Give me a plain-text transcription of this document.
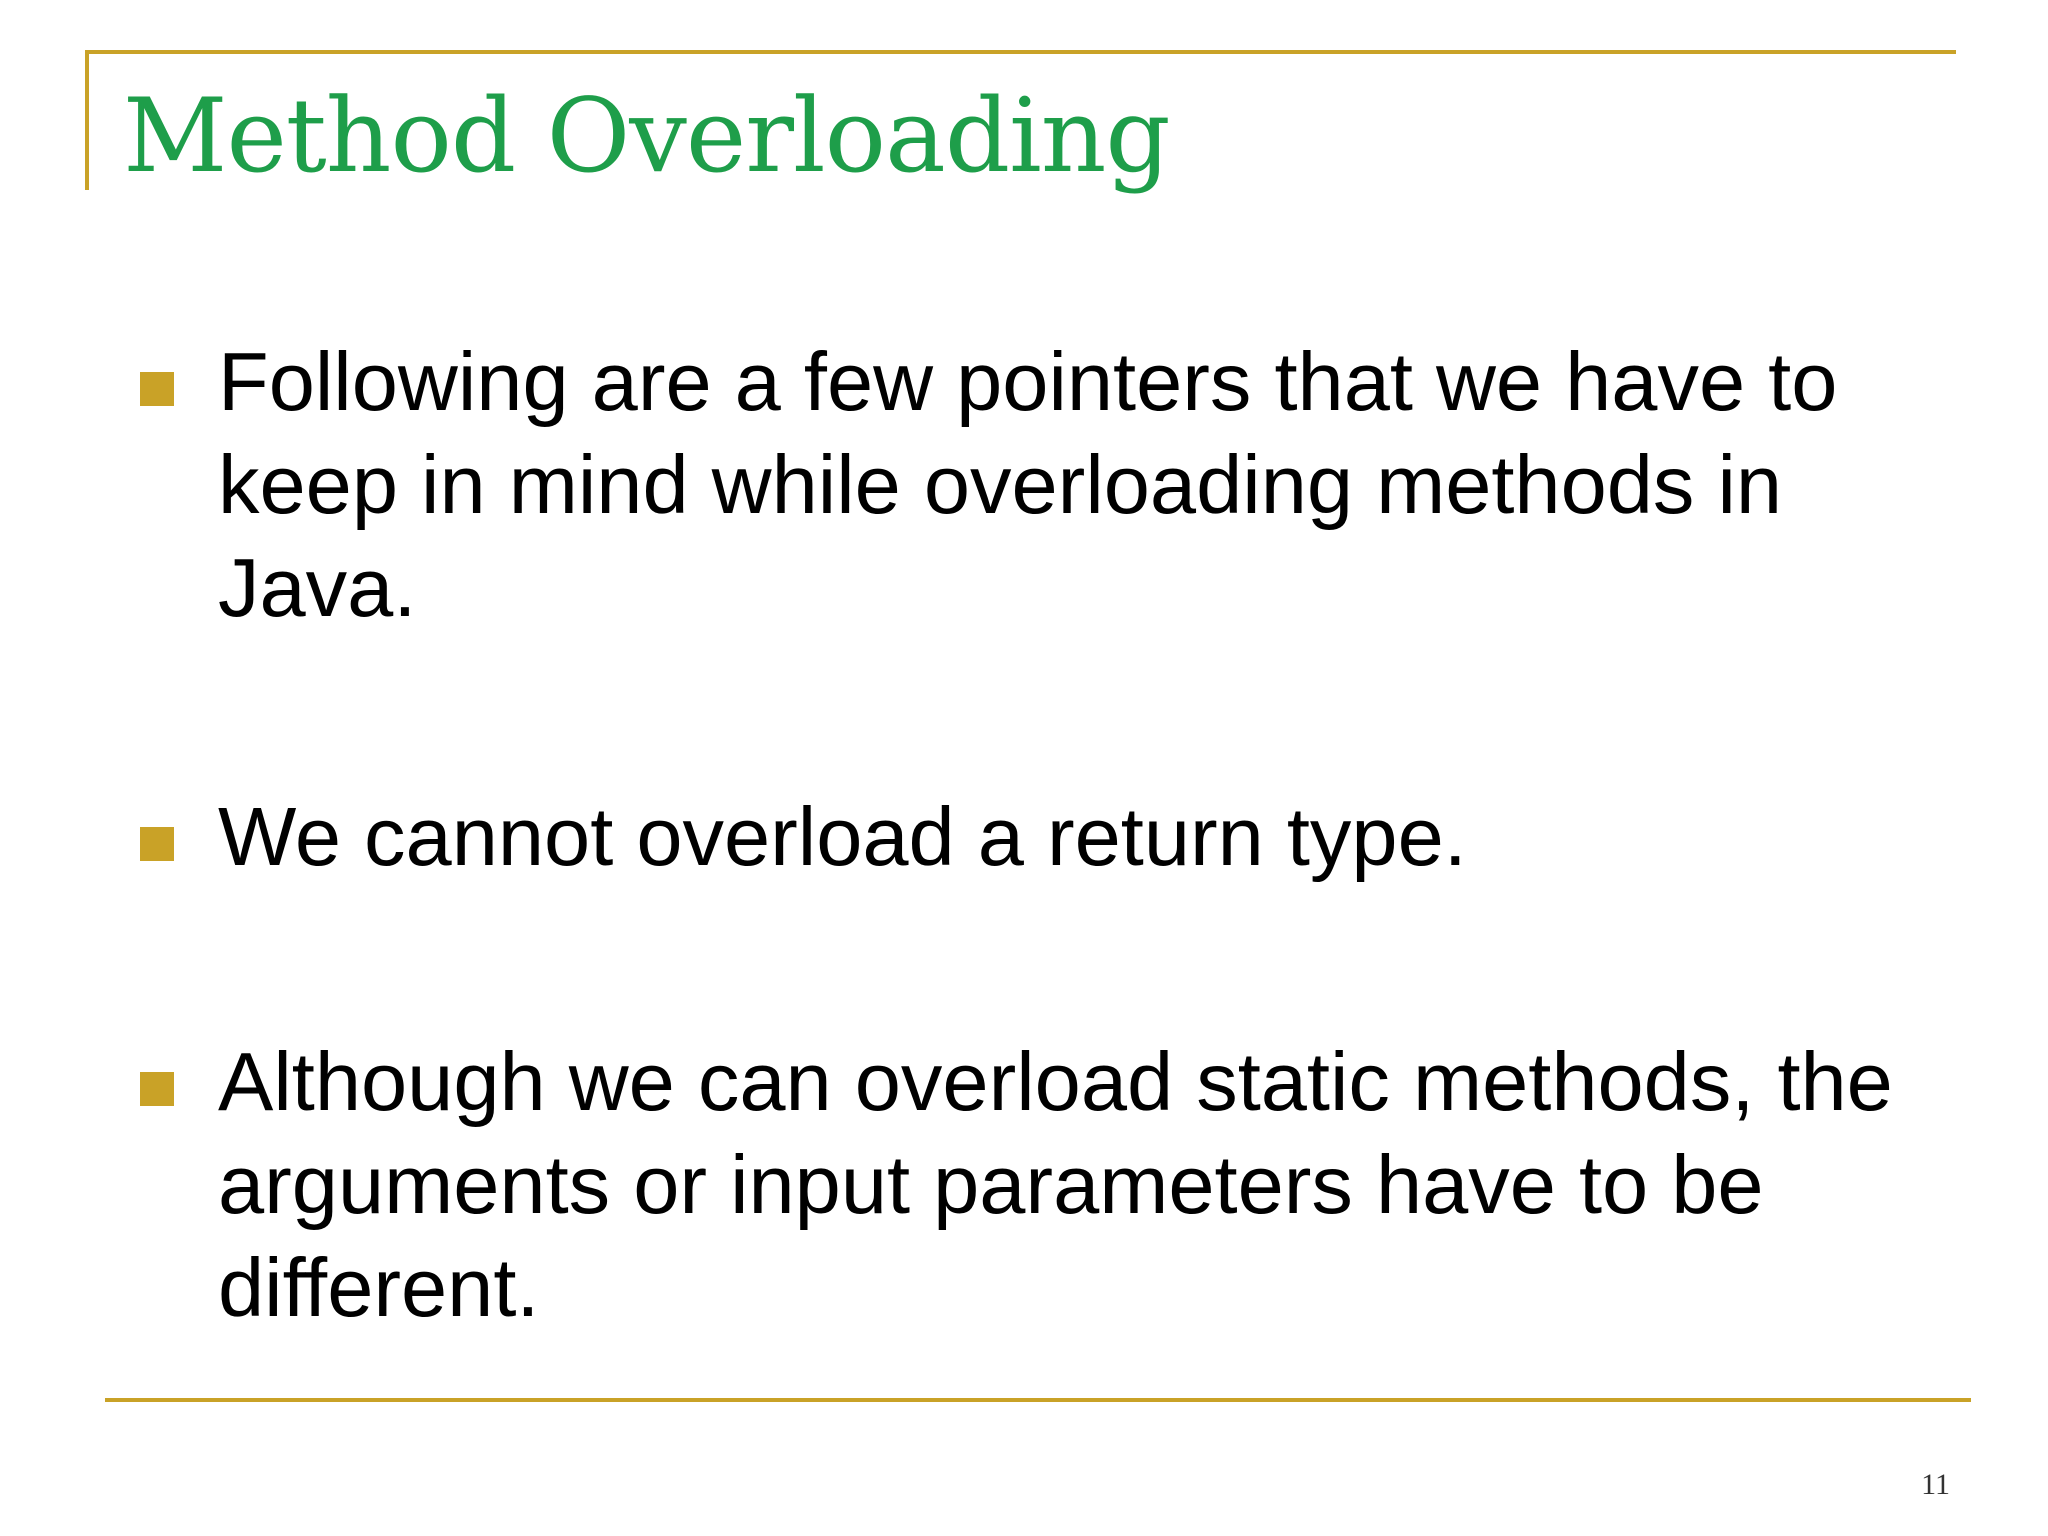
Method Overloading
Following are a few pointers that we have to keep in mind while overloading methods in Java.
We cannot overload a return type.
Although we can overload static methods, the arguments or input parameters have to be different.
11
